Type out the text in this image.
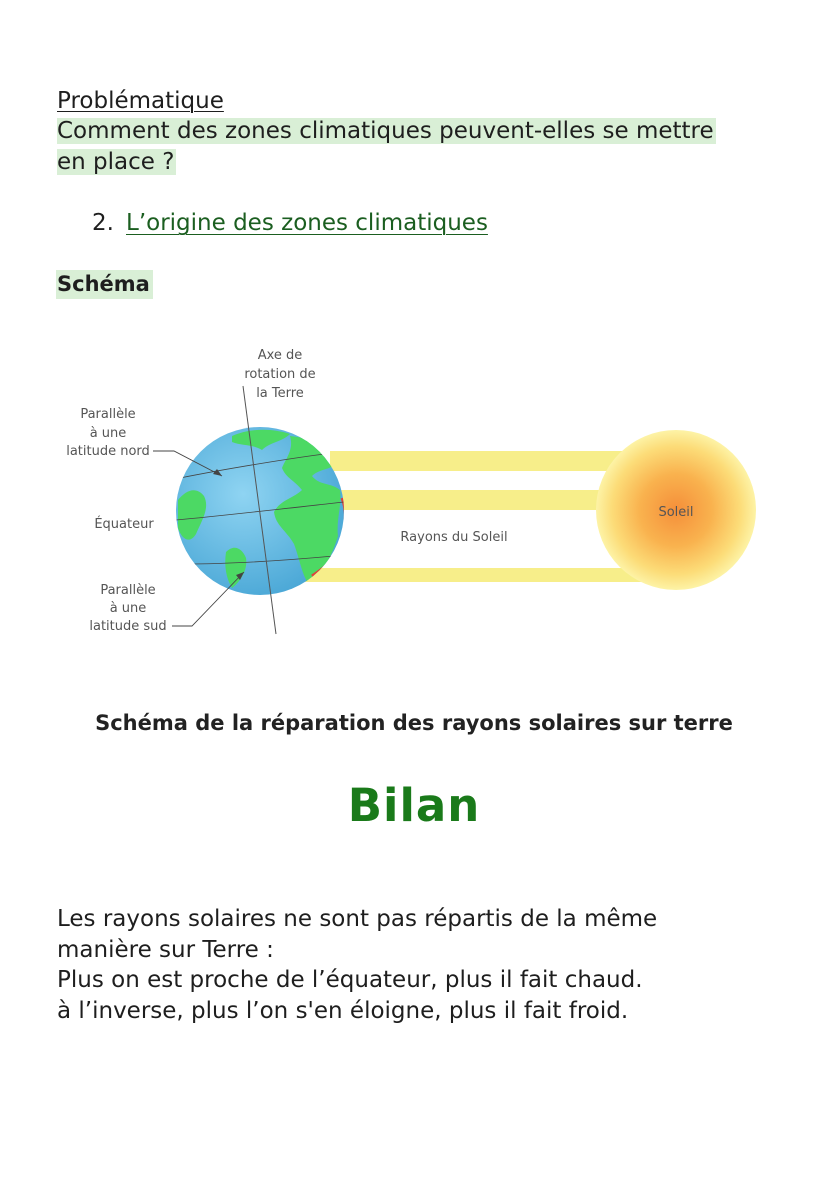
Problématique
Comment des zones climatiques peuvent-elles se mettre
en place ?
2. L’origine des zones climatiques
Schéma
Axe de
rotation de
la Terre
Parallèle
à une
latitude nord
Équateur
Parallèle
à une
latitude sud
Rayons du Soleil
Soleil
Schéma de la réparation des rayons solaires sur terre
Bilan
Les rayons solaires ne sont pas répartis de la même
manière sur Terre :
Plus on est proche de l’équateur, plus il fait chaud.
à l’inverse, plus l’on s'en éloigne, plus il fait froid.
